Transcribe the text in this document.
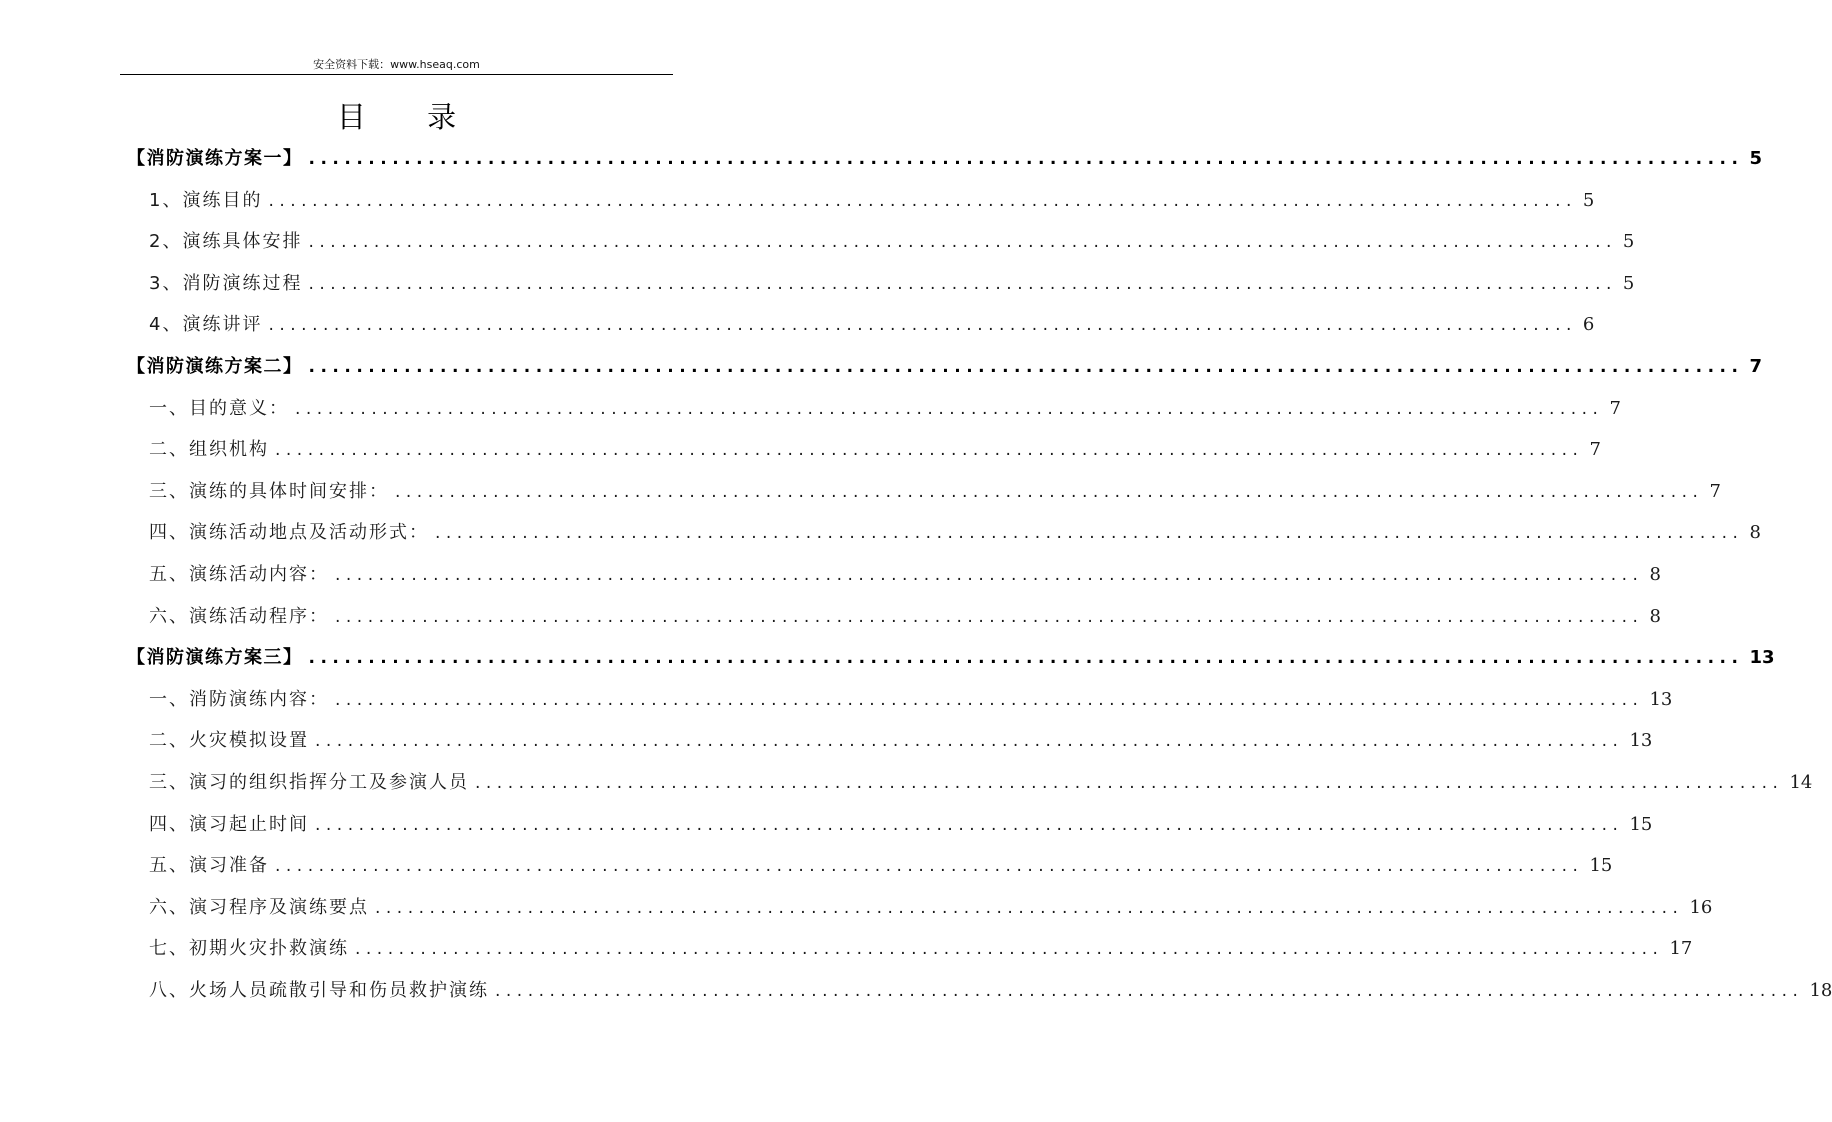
安全资料下载：www.hseaq.com
目 录
【消防演练方案一】 ........................................................................................................................ 5
1、演练目的 ........................................................................................................................ 5
2、演练具体安排 ........................................................................................................................ 5
3、消防演练过程 ........................................................................................................................ 5
4、演练讲评 ........................................................................................................................ 6
【消防演练方案二】 ........................................................................................................................ 7
一、目的意义： ........................................................................................................................ 7
二、组织机构 ........................................................................................................................ 7
三、演练的具体时间安排： ........................................................................................................................ 7
四、演练活动地点及活动形式： ........................................................................................................................ 8
五、演练活动内容： ........................................................................................................................ 8
六、演练活动程序： ........................................................................................................................ 8
【消防演练方案三】 ........................................................................................................................ 13
一、消防演练内容： ........................................................................................................................ 13
二、火灾模拟设置 ........................................................................................................................ 13
三、演习的组织指挥分工及参演人员 ........................................................................................................................ 14
四、演习起止时间 ........................................................................................................................ 15
五、演习准备 ........................................................................................................................ 15
六、演习程序及演练要点 ........................................................................................................................ 16
七、初期火灾扑救演练 ........................................................................................................................ 17
八、火场人员疏散引导和伤员救护演练 ........................................................................................................................ 18
